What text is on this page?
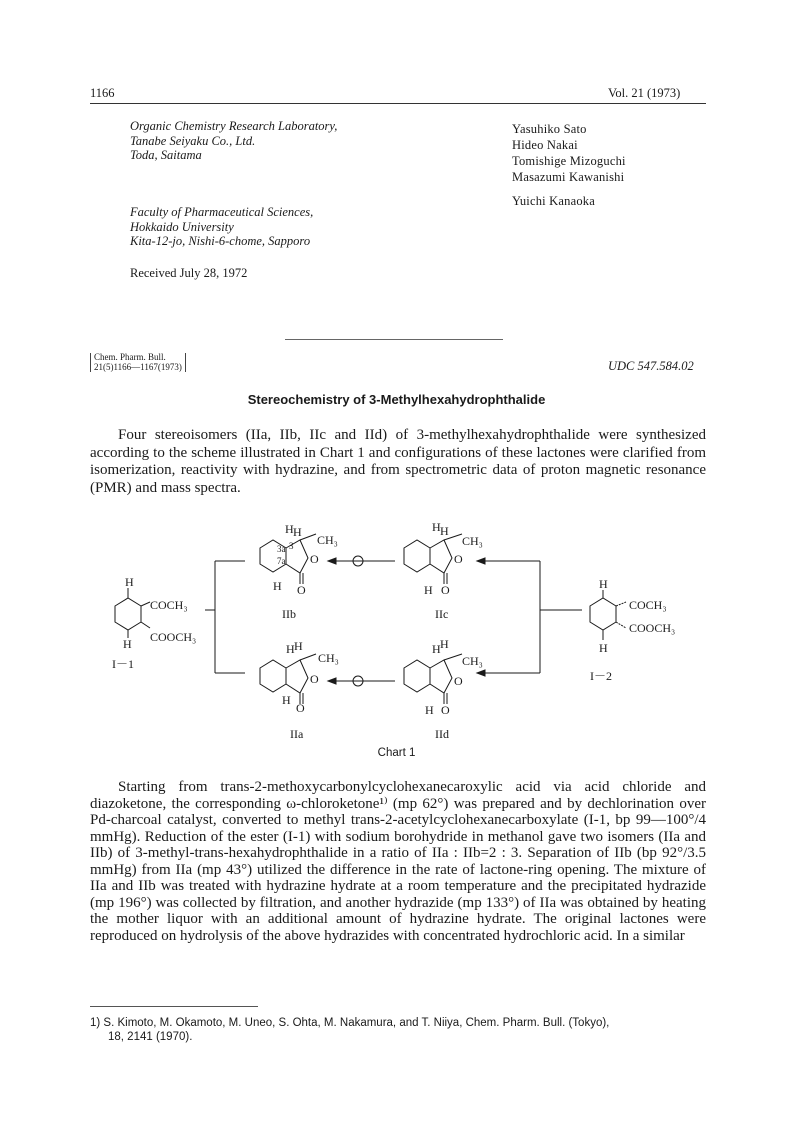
1166	Vol. 21 (1973)
Organic Chemistry Research Laboratory,
Tanabe Seiyaku Co., Ltd.
Toda, Saitama
Faculty of Pharmaceutical Sciences,
Hokkaido University
Kita-12-jo, Nishi-6-chome, Sapporo
Yasuhiko Sato
Hideo Nakai
Tomishige Mizoguchi
Masazumi Kawanishi
Yuichi Kanaoka
Received July 28, 1972
Chem. Pharm. Bull.
21(5)1166—1167(1973)	UDC 547.584.02
Stereochemistry of 3-Methylhexahydrophthalide

Four stereoisomers (IIa, IIb, IIc and IId) of 3-methylhexahydrophthalide were synthesized according to the scheme illustrated in Chart 1 and configurations of these lactones were clarified from isomerization, reactivity with hydrazine, and from spectrometric data of proton magnetic resonance (PMR) and mass spectra.

H
COCH₃
COOCH₃
H
I－1
H H
CH₃
3a 3
7a O
H O
IIb
H H
CH₃
O
H O
IIc
H H
CH₃
O
H
O
IIa
H H
CH₃
O
H O
IId
H
COCH₃
COOCH₃
H
I－2
Chart 1

Starting from trans-2-methoxycarbonylcyclohexanecaroxylic acid via acid chloride and diazoketone, the corresponding ω-chloroketone¹⁾ (mp 62°) was prepared and by dechlorination over Pd-charcoal catalyst, converted to methyl trans-2-acetylcyclohexanecarboxylate (I-1, bp 99—100°/4 mmHg). Reduction of the ester (I-1) with sodium borohydride in methanol gave two isomers (IIa and IIb) of 3-methyl-trans-hexahydrophthalide in a ratio of IIa : IIb=2 : 3. Separation of IIb (bp 92°/3.5 mmHg) from IIa (mp 43°) utilized the difference in the rate of lactone-ring opening. The mixture of IIa and IIb was treated with hydrazine hydrate at a room temperature and the precipitated hydrazide (mp 196°) was collected by filtration, and another hydrazide (mp 133°) of IIa was obtained by heating the mother liquor with an additional amount of hydrazine hydrate. The original lactones were reproduced on hydrolysis of the above hydrazides with concentrated hydrochloric acid. In a similar

1) S. Kimoto, M. Okamoto, M. Uneo, S. Ohta, M. Nakamura, and T. Niiya, Chem. Pharm. Bull. (Tokyo),
18, 2141 (1970).
